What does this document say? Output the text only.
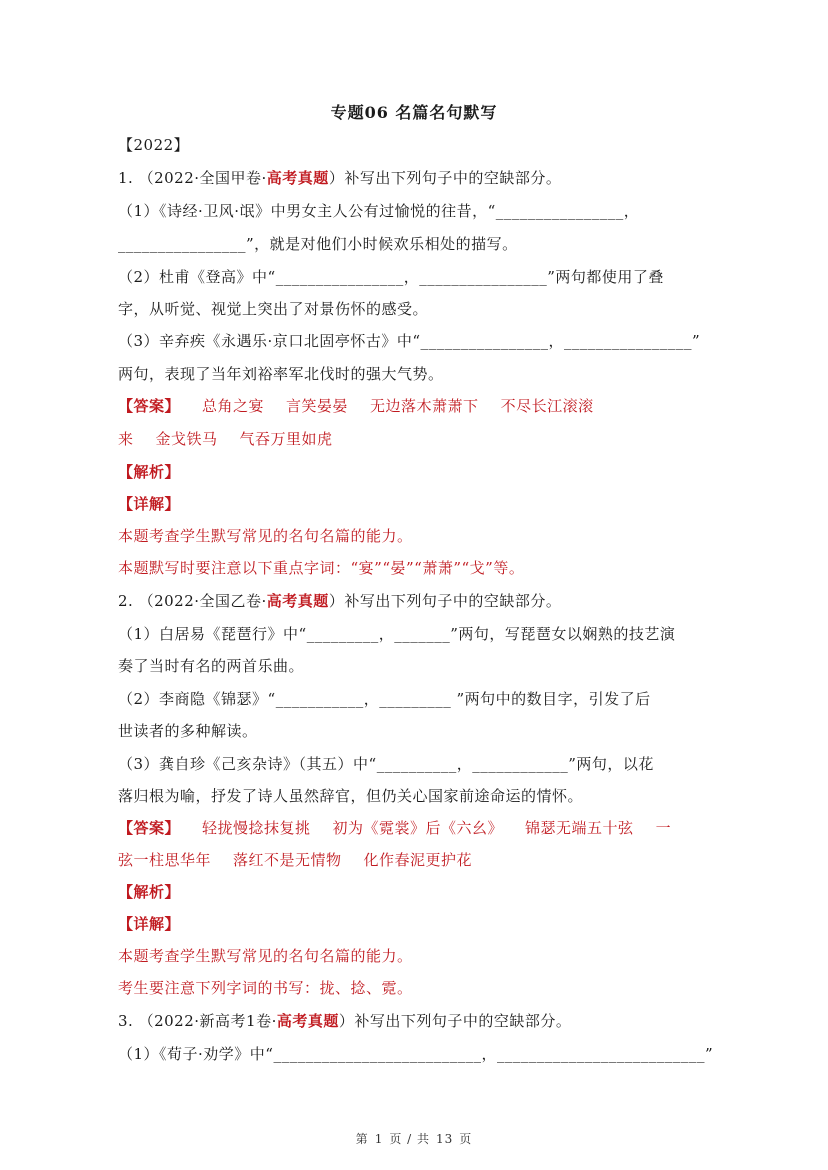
专题06 名篇名句默写
【2022】
1. （2022·全国甲卷·高考真题）补写出下列句子中的空缺部分。
（1）《诗经·卫风·氓》中男女主人公有过愉悦的往昔，“________________，
________________”，就是对他们小时候欢乐相处的描写。
（2）杜甫《登高》中“________________，________________”两句都使用了叠
字，从听觉、视觉上突出了对景伤怀的感受。
（3）辛弃疾《永遇乐·京口北固亭怀古》中“________________，________________”
两句，表现了当年刘裕率军北伐时的强大气势。
【答案】 总角之宴 言笑晏晏 无边落木萧萧下 不尽长江滚滚
来 金戈铁马 气吞万里如虎
【解析】
【详解】
本题考查学生默写常见的名句名篇的能力。
本题默写时要注意以下重点字词：“宴”“晏”“萧萧”“戈”等。
2. （2022·全国乙卷·高考真题）补写出下列句子中的空缺部分。
（1）白居易《琵琶行》中“_________，_______”两句，写琵琶女以娴熟的技艺演
奏了当时有名的两首乐曲。
（2）李商隐《锦瑟》“___________，_________ ”两句中的数目字，引发了后
世读者的多种解读。
（3）龚自珍《己亥杂诗》（其五）中“__________，____________”两句，以花
落归根为喻，抒发了诗人虽然辞官，但仍关心国家前途命运的情怀。
【答案】 轻拢慢捻抹复挑 初为《霓裳》后《六幺》 锦瑟无端五十弦 一
弦一柱思华年 落红不是无情物 化作春泥更护花
【解析】
【详解】
本题考查学生默写常见的名句名篇的能力。
考生要注意下列字词的书写：拢、捻、霓。
3. （2022·新高考1卷·高考真题）补写出下列句子中的空缺部分。
（1）《荀子·劝学》中“__________________________，__________________________”
第 1 页 / 共 13 页
